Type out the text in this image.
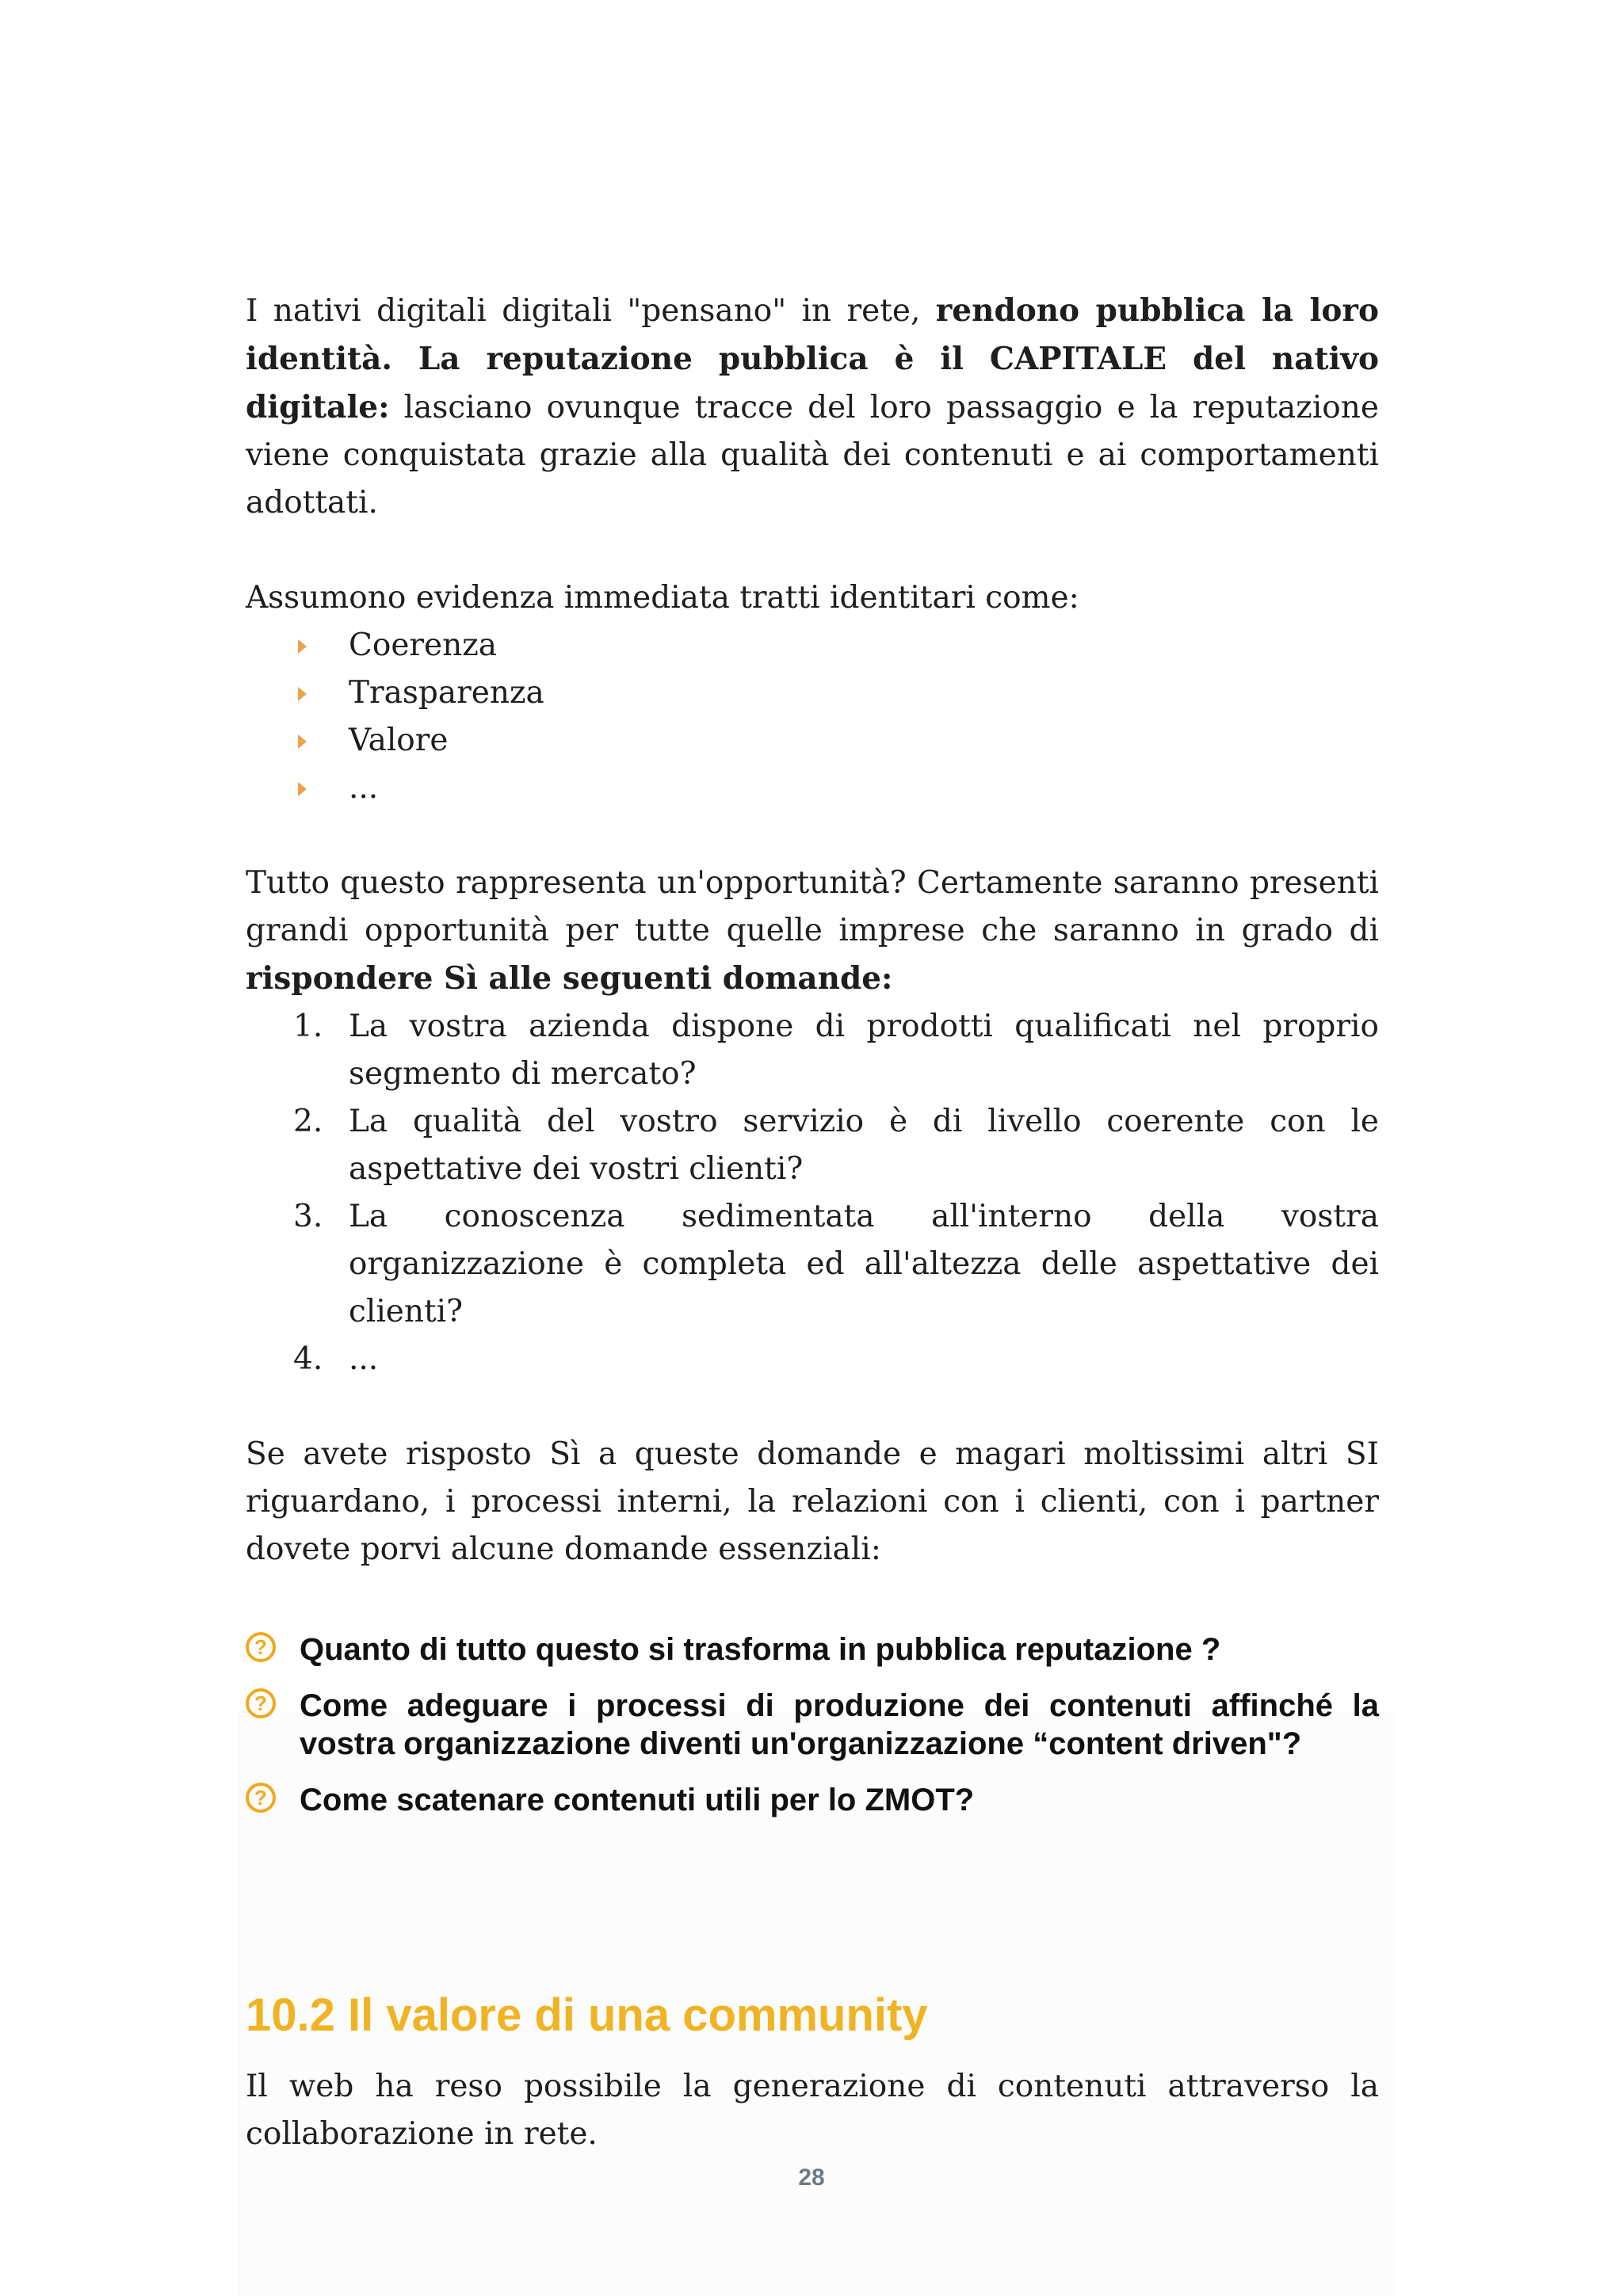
I nativi digitali digitali "pensano" in rete, rendono pubblica la loro identità. La reputazione pubblica è il CAPITALE del nativo digitale: lasciano ovunque tracce del loro passaggio e la reputazione viene conquistata grazie alla qualità dei contenuti e ai comportamenti adottati.

Assumono evidenza immediata tratti identitari come:

Coerenza
Trasparenza
Valore
...

Tutto questo rappresenta un'opportunità? Certamente saranno presenti grandi opportunità per tutte quelle imprese che saranno in grado di rispondere Sì alle seguenti domande:

1. La vostra azienda dispone di prodotti qualificati nel proprio segmento di mercato?
2. La qualità del vostro servizio è di livello coerente con le aspettative dei vostri clienti?
3. La conoscenza sedimentata all'interno della vostra organizzazione è completa ed all'altezza delle aspettative dei clienti?
4. ...

Se avete risposto Sì a queste domande e magari moltissimi altri SI riguardano, i processi interni, la relazioni con i clienti, con i partner dovete porvi alcune domande essenziali:

? Quanto di tutto questo si trasforma in pubblica reputazione ?
? Come adeguare i processi di produzione dei contenuti affinché la vostra organizzazione diventi un'organizzazione “content driven"?
? Come scatenare contenuti utili per lo ZMOT?
10.2 Il valore di una community

Il web ha reso possibile la generazione di contenuti attraverso la collaborazione in rete.

28
